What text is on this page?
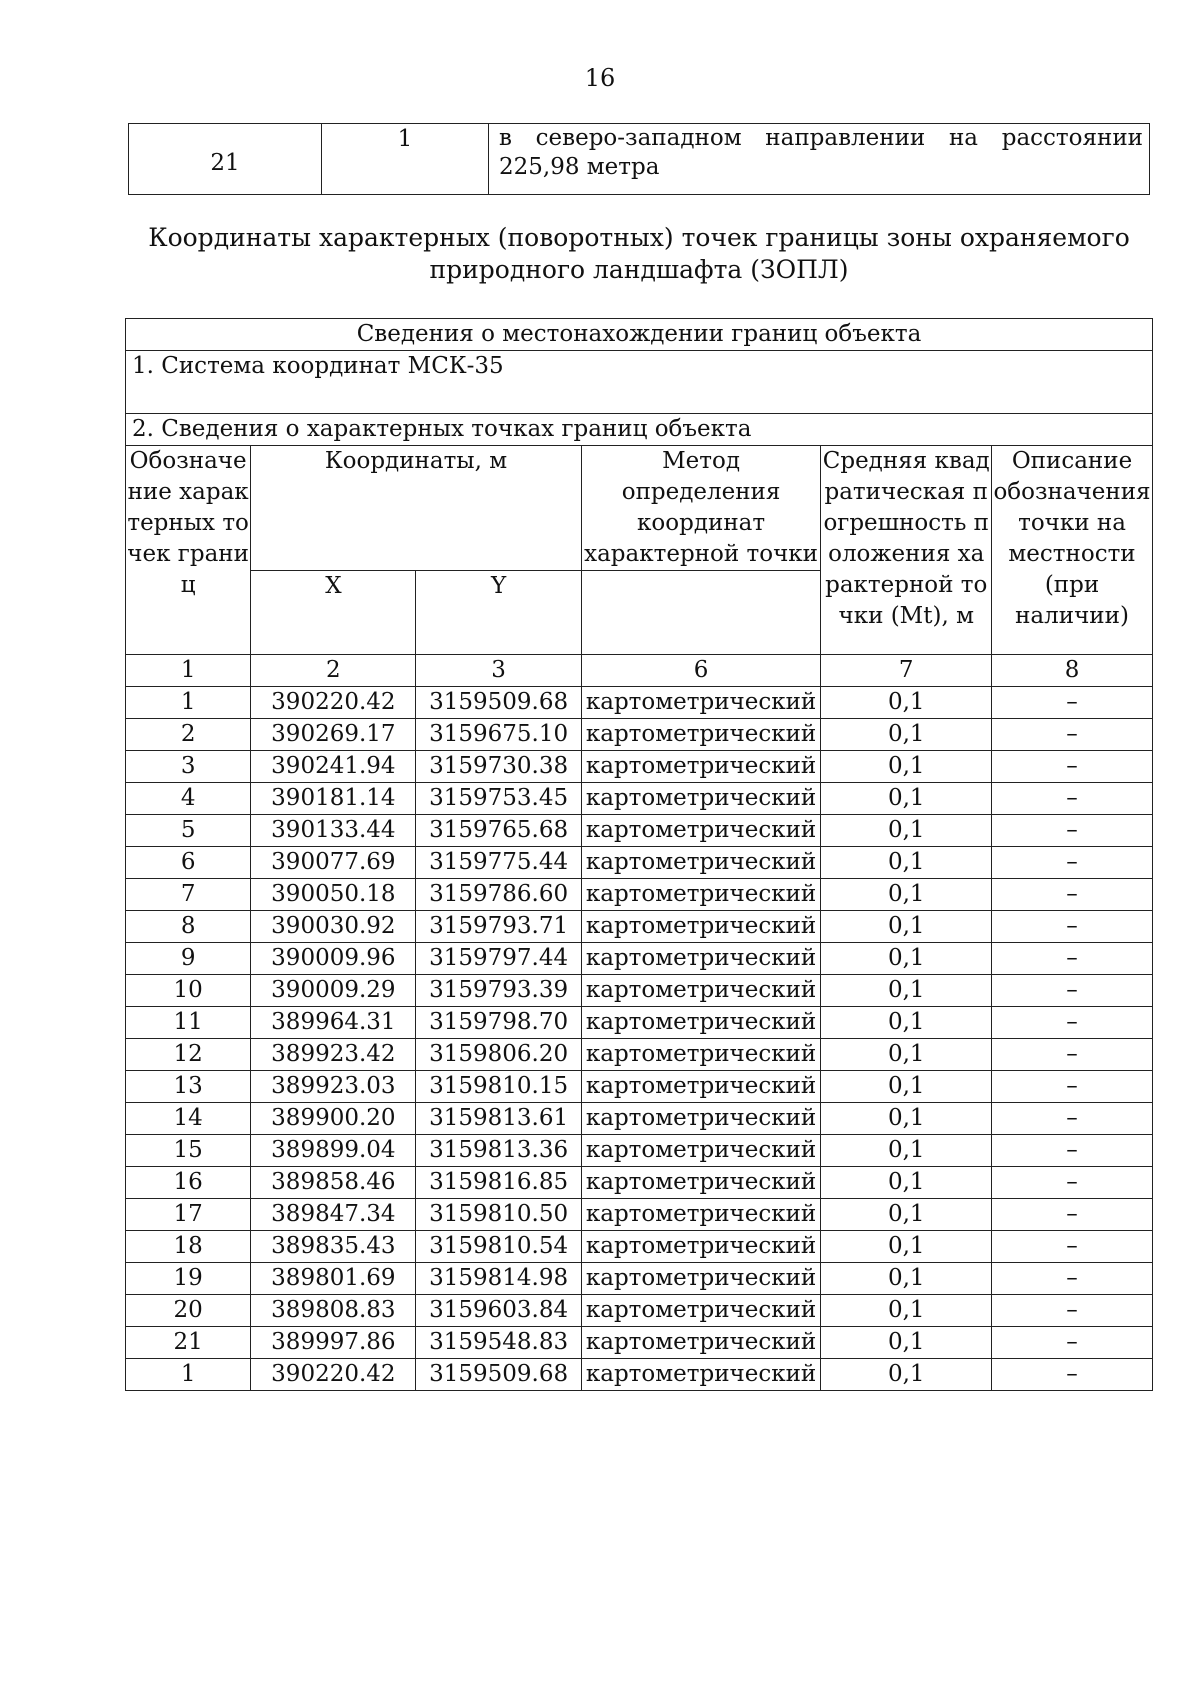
16
21	1	в северо-западном направлении на расстоянии 225,98 метра
Координаты характерных (поворотных) точек границы зоны охраняемого природного ландшафта (ЗОПЛ)
Сведения о местонахождении границ объекта					
1. Система координат МСК-35					
2. Сведения о характерных точках границ объекта					
Обозначение характерных точек границ	Координаты, м		Метод определения координат характерной точки	Средняя квадратическая погрешность положения характерной точки (Mt), м	Описание обозначения точки на местности (при наличии)
	X	Y			
1	2	3	6	7	8
1	390220.42	3159509.68	картометрический	0,1	–
2	390269.17	3159675.10	картометрический	0,1	–
3	390241.94	3159730.38	картометрический	0,1	–
4	390181.14	3159753.45	картометрический	0,1	–
5	390133.44	3159765.68	картометрический	0,1	–
6	390077.69	3159775.44	картометрический	0,1	–
7	390050.18	3159786.60	картометрический	0,1	–
8	390030.92	3159793.71	картометрический	0,1	–
9	390009.96	3159797.44	картометрический	0,1	–
10	390009.29	3159793.39	картометрический	0,1	–
11	389964.31	3159798.70	картометрический	0,1	–
12	389923.42	3159806.20	картометрический	0,1	–
13	389923.03	3159810.15	картометрический	0,1	–
14	389900.20	3159813.61	картометрический	0,1	–
15	389899.04	3159813.36	картометрический	0,1	–
16	389858.46	3159816.85	картометрический	0,1	–
17	389847.34	3159810.50	картометрический	0,1	–
18	389835.43	3159810.54	картометрический	0,1	–
19	389801.69	3159814.98	картометрический	0,1	–
20	389808.83	3159603.84	картометрический	0,1	–
21	389997.86	3159548.83	картометрический	0,1	–
1	390220.42	3159509.68	картометрический	0,1	–
